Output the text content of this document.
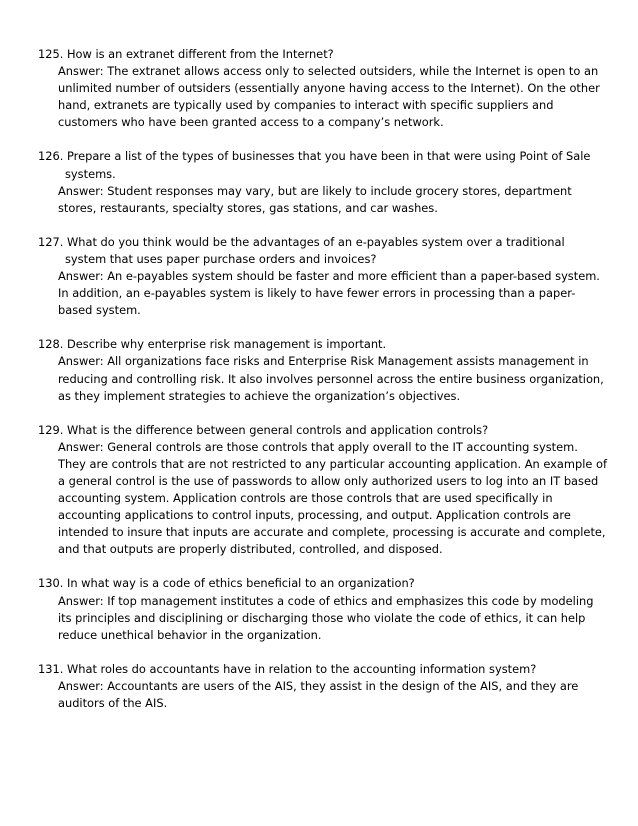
125. How is an extranet different from the Internet?
Answer: The extranet allows access only to selected outsiders, while the Internet is open to an unlimited number of outsiders (essentially anyone having access to the Internet). On the other hand, extranets are typically used by companies to interact with specific suppliers and customers who have been granted access to a company’s network.
126. Prepare a list of the types of businesses that you have been in that were using Point of Sale systems.
Answer: Student responses may vary, but are likely to include grocery stores, department stores, restaurants, specialty stores, gas stations, and car washes.
127. What do you think would be the advantages of an e-payables system over a traditional system that uses paper purchase orders and invoices?
Answer: An e-payables system should be faster and more efficient than a paper-based system. In addition, an e-payables system is likely to have fewer errors in processing than a paper-based system.
128. Describe why enterprise risk management is important.
Answer: All organizations face risks and Enterprise Risk Management assists management in reducing and controlling risk. It also involves personnel across the entire business organization, as they implement strategies to achieve the organization’s objectives.
129. What is the difference between general controls and application controls?
Answer: General controls are those controls that apply overall to the IT accounting system. They are controls that are not restricted to any particular accounting application. An example of a general control is the use of passwords to allow only authorized users to log into an IT based accounting system. Application controls are those controls that are used specifically in accounting applications to control inputs, processing, and output. Application controls are intended to insure that inputs are accurate and complete, processing is accurate and complete, and that outputs are properly distributed, controlled, and disposed.
130. In what way is a code of ethics beneficial to an organization?
Answer: If top management institutes a code of ethics and emphasizes this code by modeling its principles and disciplining or discharging those who violate the code of ethics, it can help reduce unethical behavior in the organization.
131. What roles do accountants have in relation to the accounting information system?
Answer: Accountants are users of the AIS, they assist in the design of the AIS, and they are auditors of the AIS.
